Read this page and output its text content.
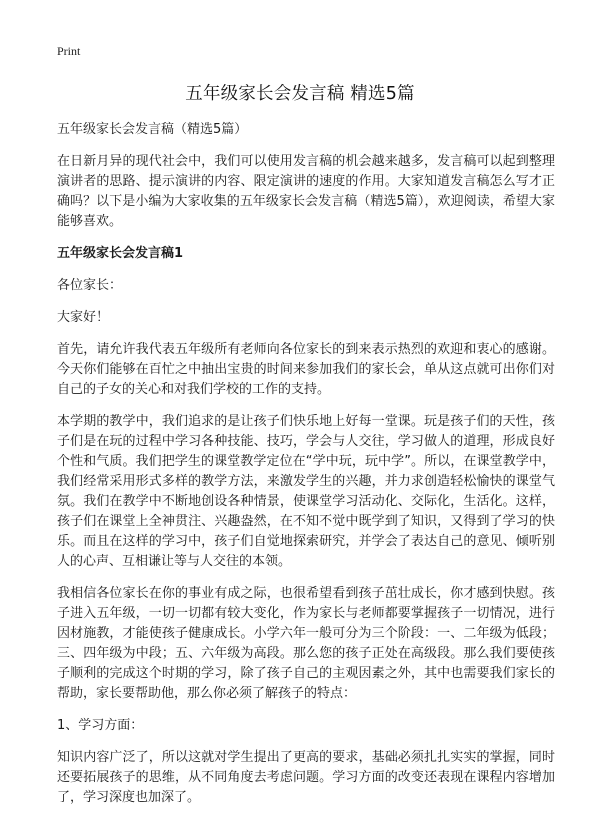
Print
五年级家长会发言稿 精选5篇

五年级家长会发言稿（精选5篇）

在日新月异的现代社会中，我们可以使用发言稿的机会越来越多，发言稿可以起到整理演讲者的思路、提示演讲的内容、限定演讲的速度的作用。大家知道发言稿怎么写才正确吗？以下是小编为大家收集的五年级家长会发言稿（精选5篇），欢迎阅读，希望大家能够喜欢。

五年级家长会发言稿1

各位家长：

大家好！

首先，请允许我代表五年级所有老师向各位家长的到来表示热烈的欢迎和衷心的感谢。今天你们能够在百忙之中抽出宝贵的时间来参加我们的家长会，单从这点就可出你们对自己的子女的关心和对我们学校的工作的支持。

本学期的教学中，我们追求的是让孩子们快乐地上好每一堂课。玩是孩子们的天性，孩子们是在玩的过程中学习各种技能、技巧，学会与人交往，学习做人的道理，形成良好个性和气质。我们把学生的课堂教学定位在“学中玩，玩中学”。所以，在课堂教学中，我们经常采用形式多样的教学方法，来激发学生的兴趣，并力求创造轻松愉快的课堂气氛。我们在教学中不断地创设各种情景，使课堂学习活动化、交际化，生活化。这样，孩子们在课堂上全神贯注、兴趣盎然，在不知不觉中既学到了知识，又得到了学习的快乐。而且在这样的学习中，孩子们自觉地探索研究，并学会了表达自己的意见、倾听别人的心声、互相谦让等与人交往的本领。

我相信各位家长在你的事业有成之际，也很希望看到孩子茁壮成长，你才感到快慰。孩子进入五年级，一切一切都有较大变化，作为家长与老师都要掌握孩子一切情况，进行因材施教，才能使孩子健康成长。小学六年一般可分为三个阶段：一、二年级为低段；三、四年级为中段；五、六年级为高段。那么您的孩子正处在高级段。那么我们要使孩子顺利的完成这个时期的学习，除了孩子自己的主观因素之外，其中也需要我们家长的帮助，家长要帮助他，那么你必须了解孩子的特点：

1、学习方面：

知识内容广泛了，所以这就对学生提出了更高的要求，基础必须扎扎实实的掌握，同时还要拓展孩子的思维，从不同角度去考虑问题。学习方面的改变还表现在课程内容增加了，学习深度也加深了。
